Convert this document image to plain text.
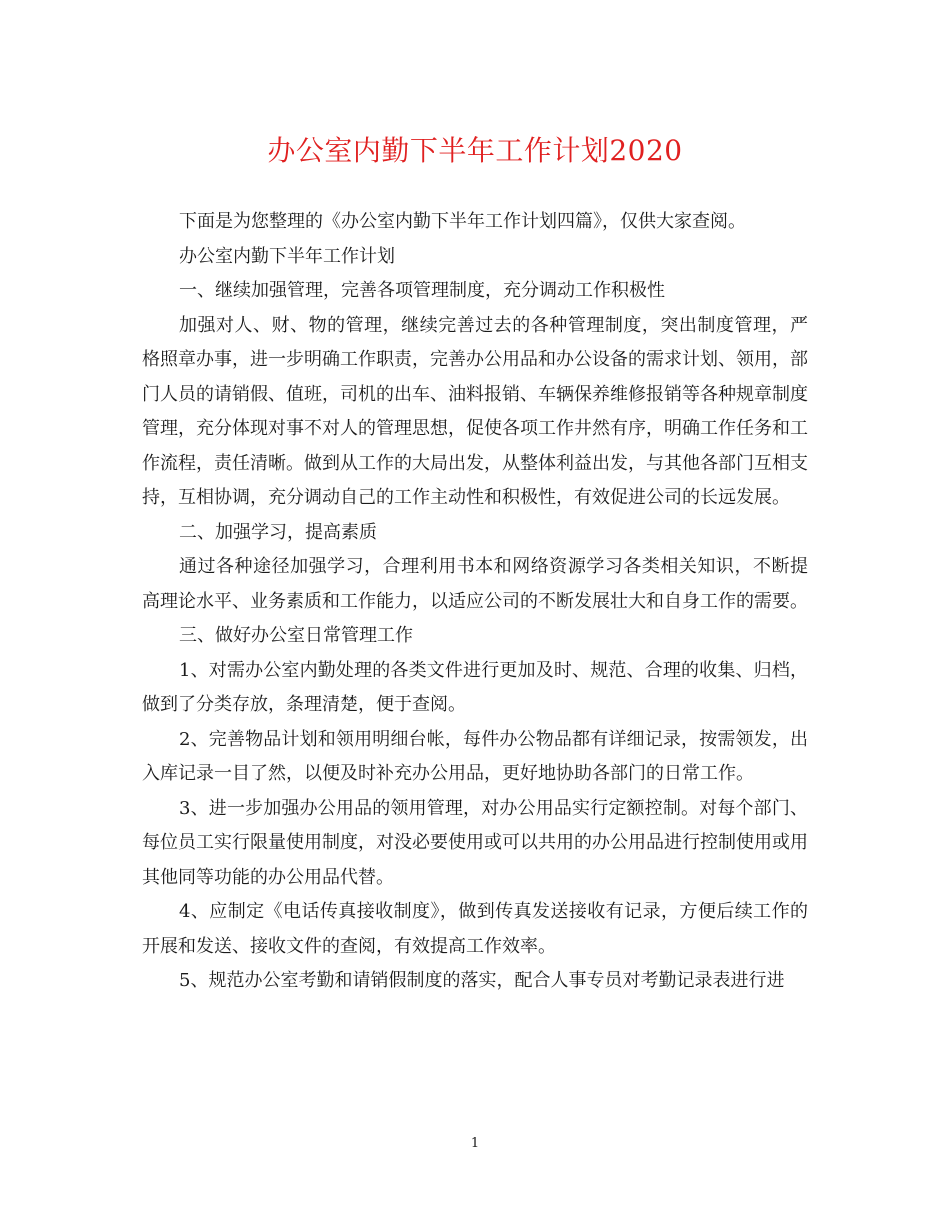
办公室内勤下半年工作计划2020

下面是为您整理的《办公室内勤下半年工作计划四篇》，仅供大家查阅。

办公室内勤下半年工作计划

一、继续加强管理，完善各项管理制度，充分调动工作积极性

加强对人、财、物的管理，继续完善过去的各种管理制度，突出制度管理，严格照章办事，进一步明确工作职责，完善办公用品和办公设备的需求计划、领用，部门人员的请销假、值班，司机的出车、油料报销、车辆保养维修报销等各种规章制度管理，充分体现对事不对人的管理思想，促使各项工作井然有序，明确工作任务和工作流程，责任清晰。做到从工作的大局出发，从整体利益出发，与其他各部门互相支持，互相协调，充分调动自己的工作主动性和积极性，有效促进公司的长远发展。

二、加强学习，提高素质

通过各种途径加强学习，合理利用书本和网络资源学习各类相关知识，不断提高理论水平、业务素质和工作能力，以适应公司的不断发展壮大和自身工作的需要。

三、做好办公室日常管理工作

1、对需办公室内勤处理的各类文件进行更加及时、规范、合理的收集、归档，做到了分类存放，条理清楚，便于查阅。

2、完善物品计划和领用明细台帐，每件办公物品都有详细记录，按需领发，出入库记录一目了然，以便及时补充办公用品，更好地协助各部门的日常工作。

3、进一步加强办公用品的领用管理，对办公用品实行定额控制。对每个部门、每位员工实行限量使用制度，对没必要使用或可以共用的办公用品进行控制使用或用其他同等功能的办公用品代替。

4、应制定《电话传真接收制度》，做到传真发送接收有记录，方便后续工作的开展和发送、接收文件的查阅，有效提高工作效率。

5、规范办公室考勤和请销假制度的落实，配合人事专员对考勤记录表进行进

1
